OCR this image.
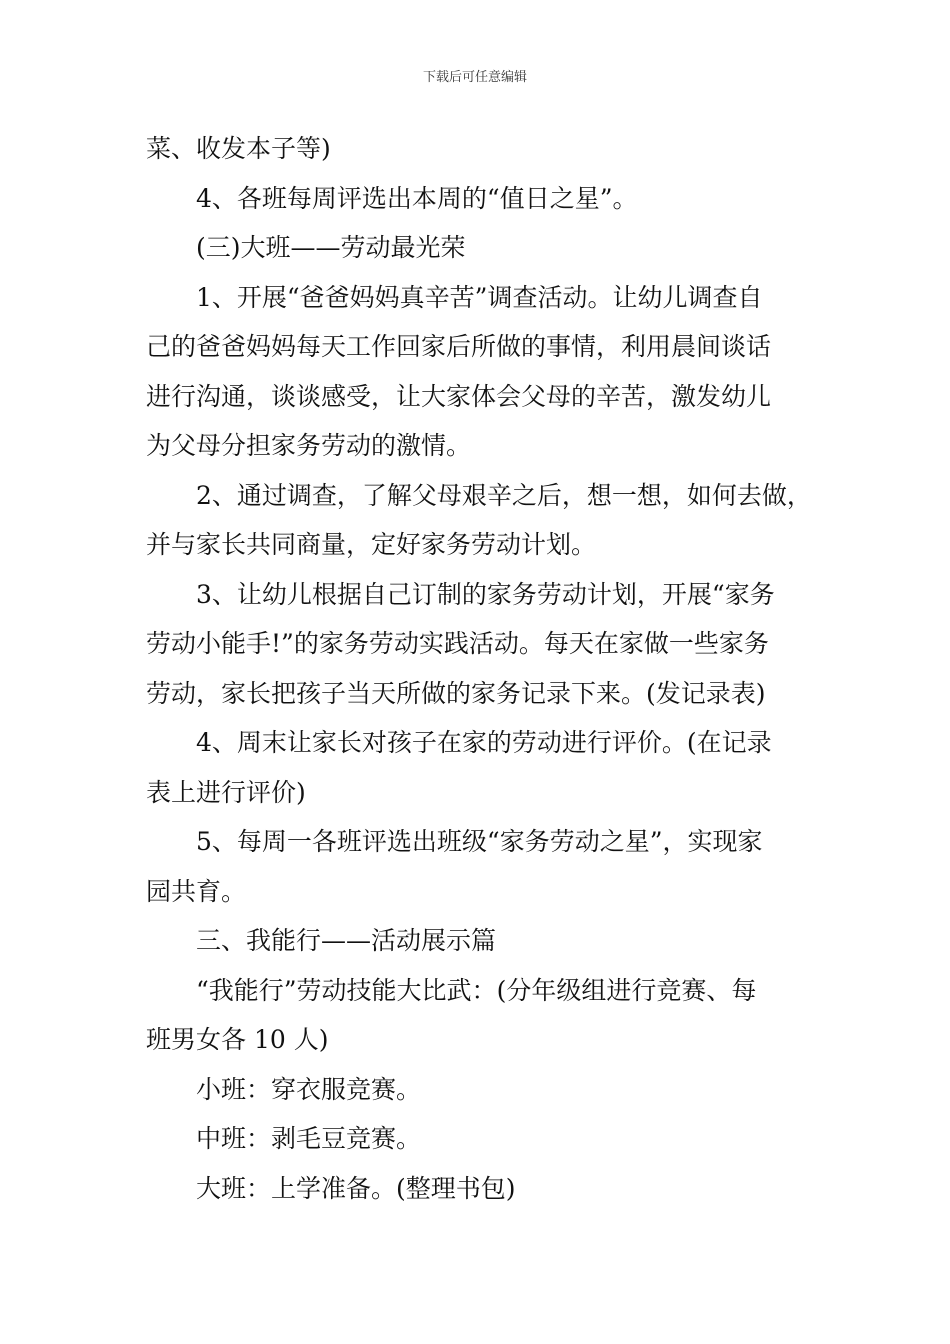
下载后可任意编辑
菜、收发本子等)
4、各班每周评选出本周的“值日之星”。
(三)大班——劳动最光荣
1、开展“爸爸妈妈真辛苦”调查活动。让幼儿调查自
己的爸爸妈妈每天工作回家后所做的事情，利用晨间谈话
进行沟通，谈谈感受，让大家体会父母的辛苦，激发幼儿
为父母分担家务劳动的激情。
2、通过调查，了解父母艰辛之后，想一想，如何去做，
并与家长共同商量，定好家务劳动计划。
3、让幼儿根据自己订制的家务劳动计划，开展“家务
劳动小能手!”的家务劳动实践活动。每天在家做一些家务
劳动，家长把孩子当天所做的家务记录下来。(发记录表)
4、周末让家长对孩子在家的劳动进行评价。(在记录
表上进行评价)
5、每周一各班评选出班级“家务劳动之星”，实现家
园共育。
三、我能行——活动展示篇
“我能行”劳动技能大比武：(分年级组进行竞赛、每
班男女各 10 人)
小班：穿衣服竞赛。
中班：剥毛豆竞赛。
大班：上学准备。(整理书包)
